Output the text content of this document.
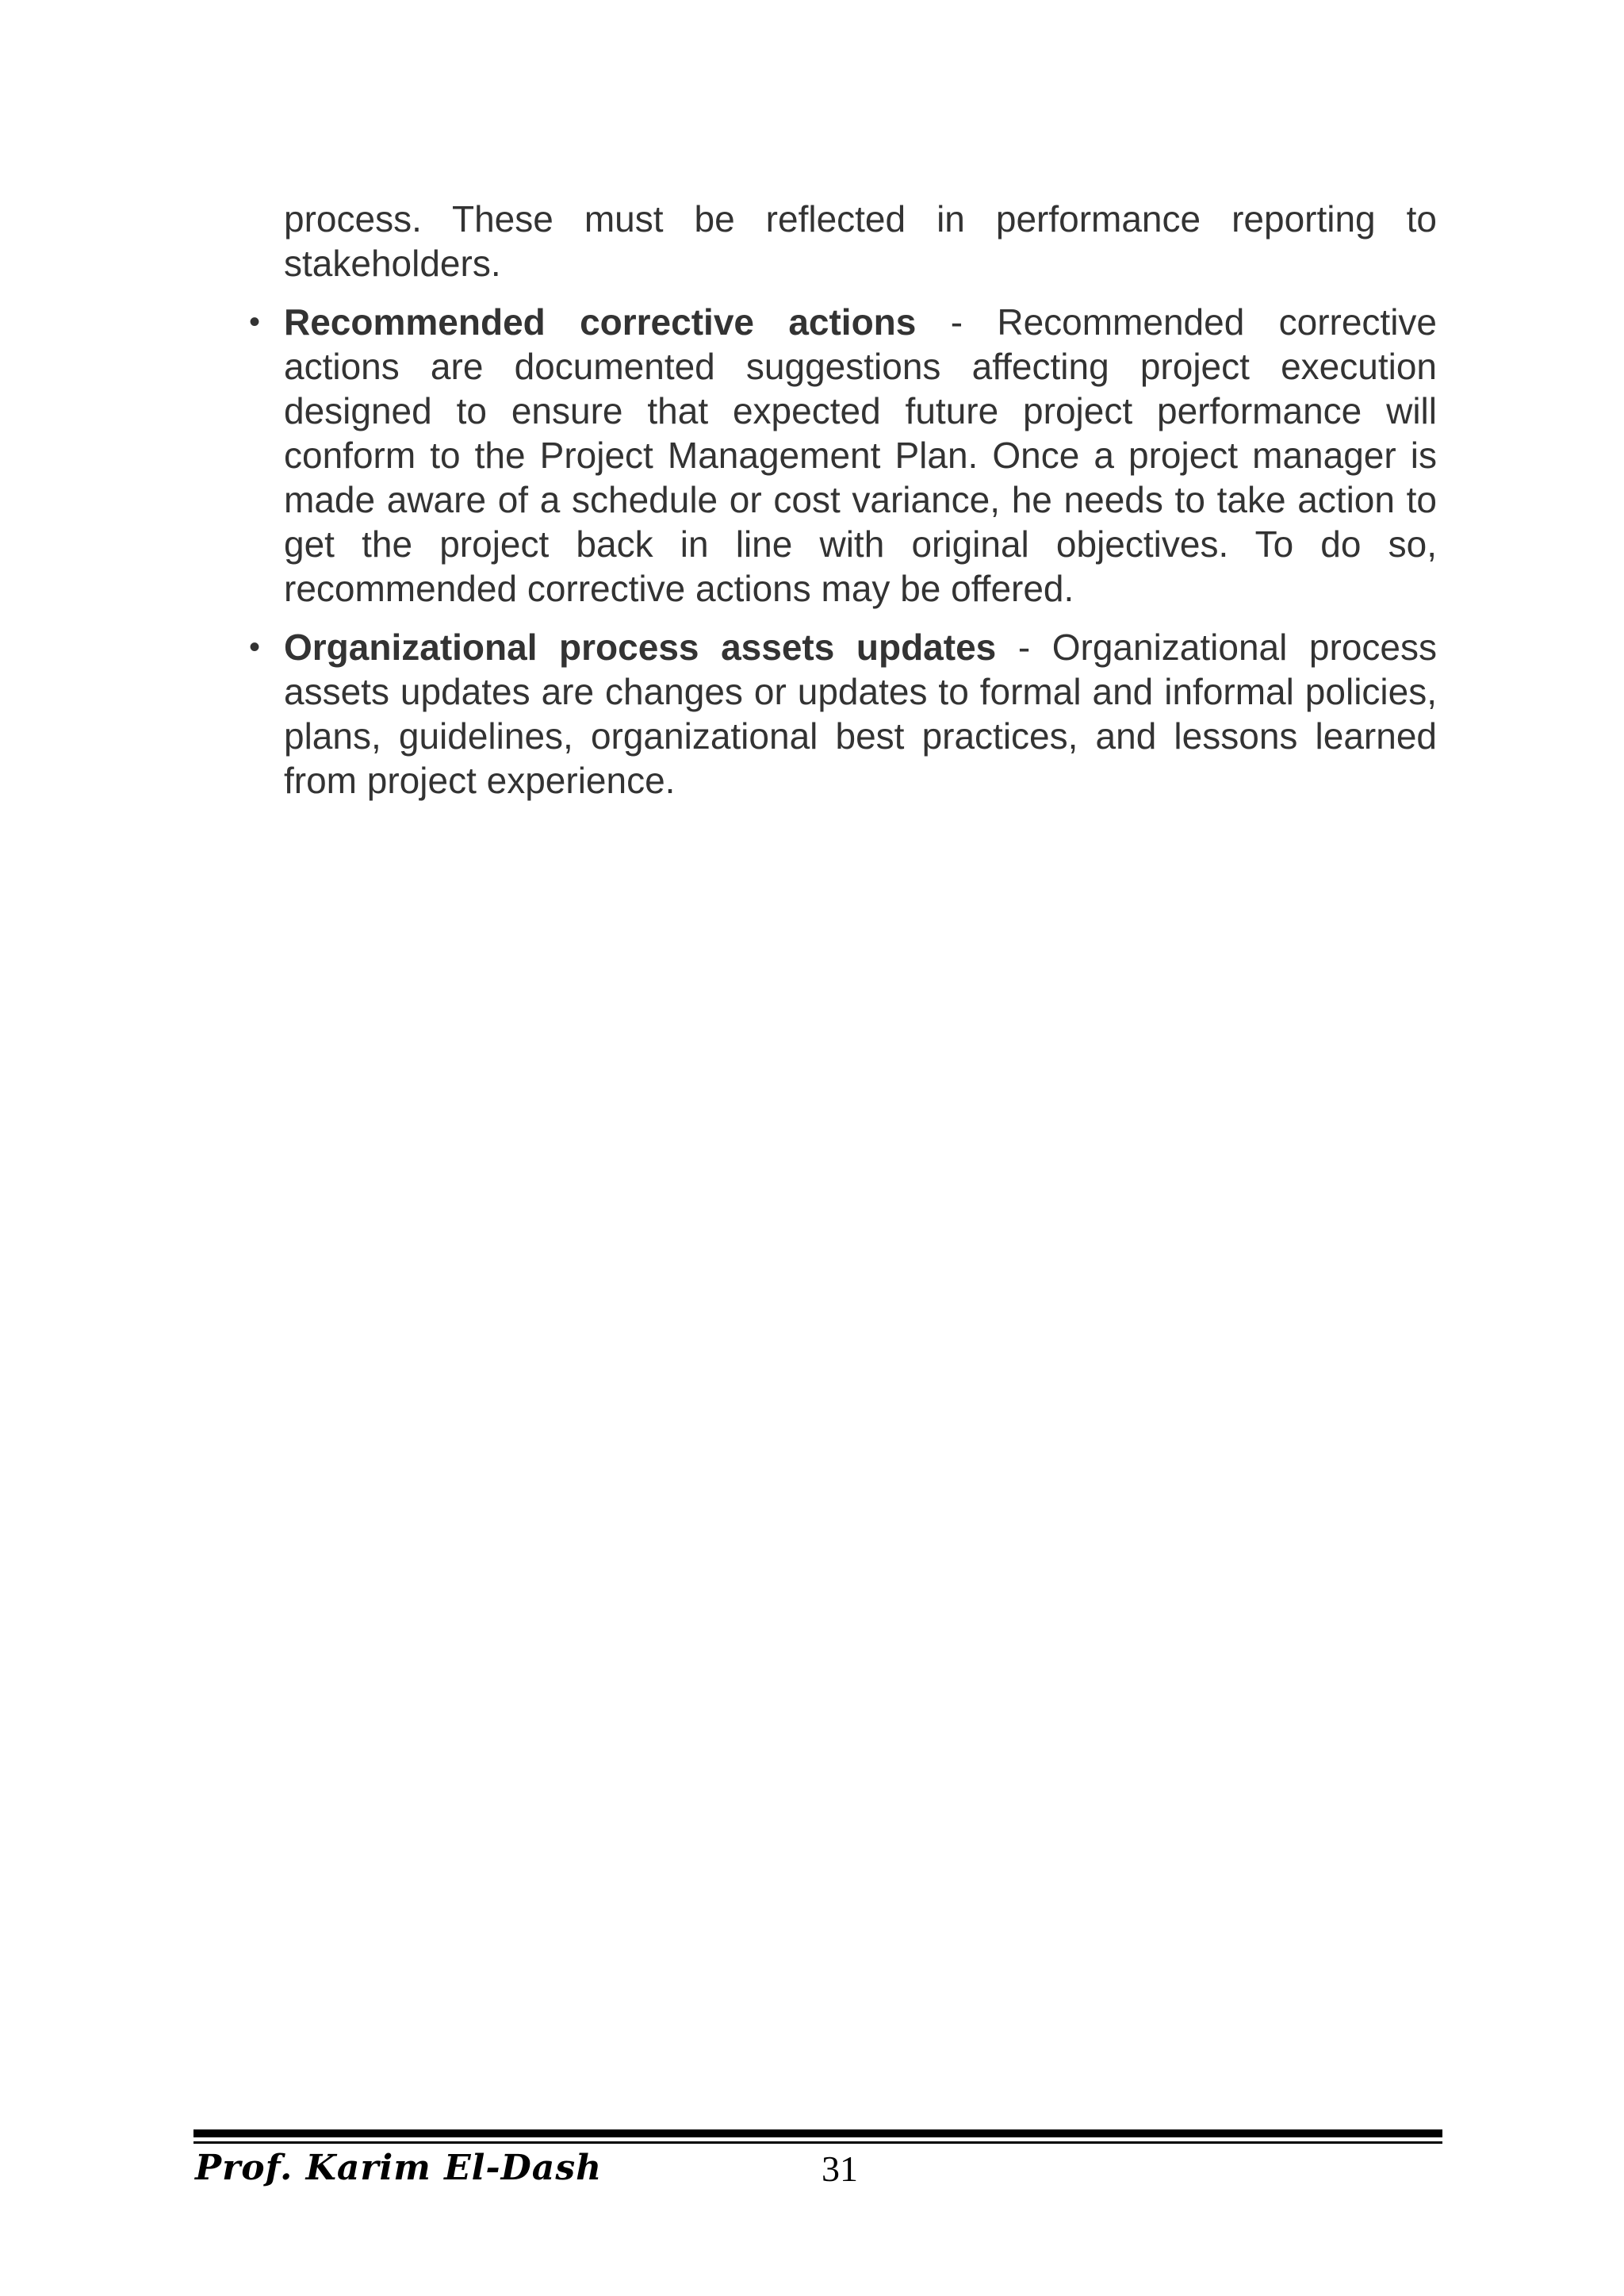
process. These must be reflected in performance reporting to stakeholders.

• Recommended corrective actions - Recommended corrective actions are documented suggestions affecting project execution designed to ensure that expected future project performance will conform to the Project Management Plan. Once a project manager is made aware of a schedule or cost variance, he needs to take action to get the project back in line with original objectives. To do so, recommended corrective actions may be offered.
• Organizational process assets updates - Organizational process assets updates are changes or updates to formal and informal policies, plans, guidelines, organizational best practices, and lessons learned from project experience.
Prof. Karim El-Dash	31
